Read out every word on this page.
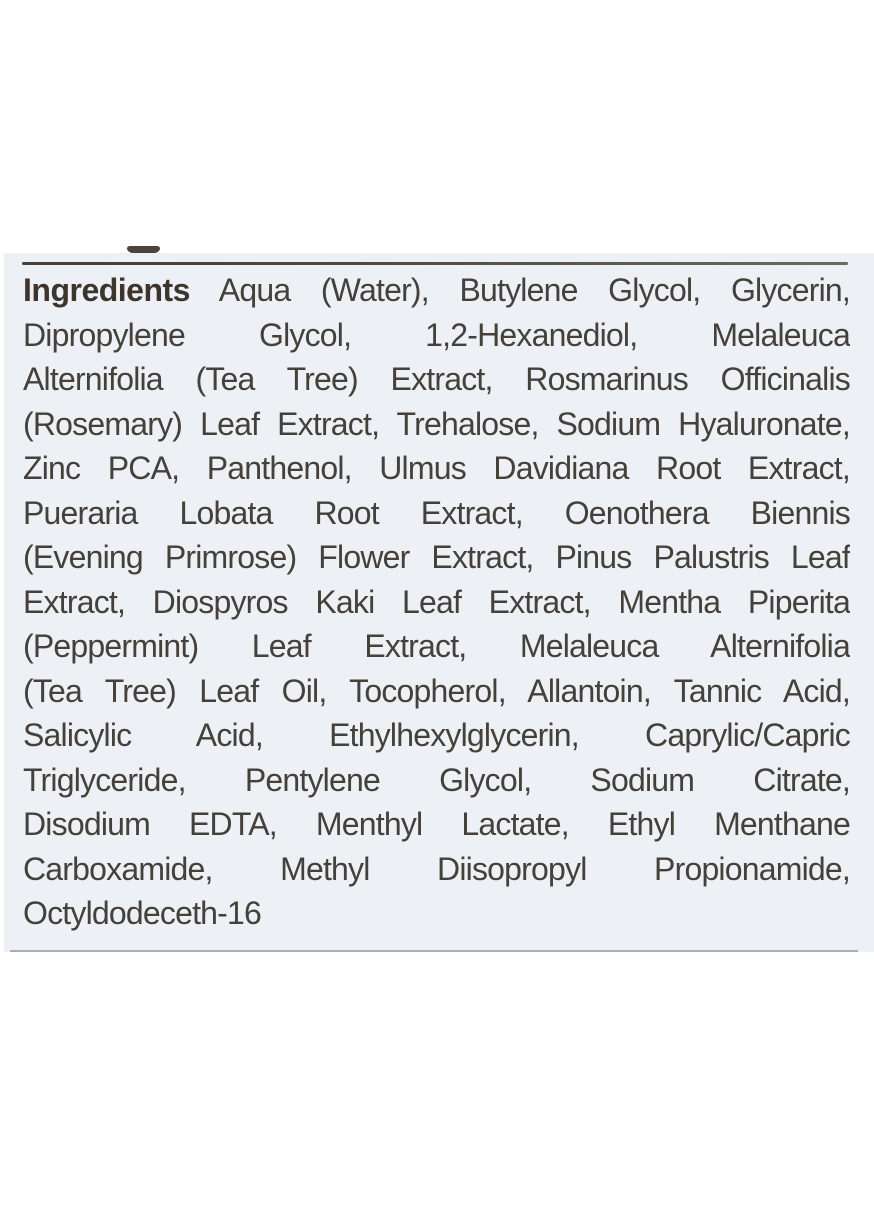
Ingredients Aqua (Water), Butylene Glycol, Glycerin,
Dipropylene Glycol, 1,2-Hexanediol, Melaleuca
Alternifolia (Tea Tree) Extract, Rosmarinus Officinalis
(Rosemary) Leaf Extract, Trehalose, Sodium Hyaluronate,
Zinc PCA, Panthenol, Ulmus Davidiana Root Extract,
Pueraria Lobata Root Extract, Oenothera Biennis
(Evening Primrose) Flower Extract, Pinus Palustris Leaf
Extract, Diospyros Kaki Leaf Extract, Mentha Piperita
(Peppermint) Leaf Extract, Melaleuca Alternifolia
(Tea Tree) Leaf Oil, Tocopherol, Allantoin, Tannic Acid,
Salicylic Acid, Ethylhexylglycerin, Caprylic/Capric
Triglyceride, Pentylene Glycol, Sodium Citrate,
Disodium EDTA, Menthyl Lactate, Ethyl Menthane
Carboxamide, Methyl Diisopropyl Propionamide,
Octyldodeceth-16
